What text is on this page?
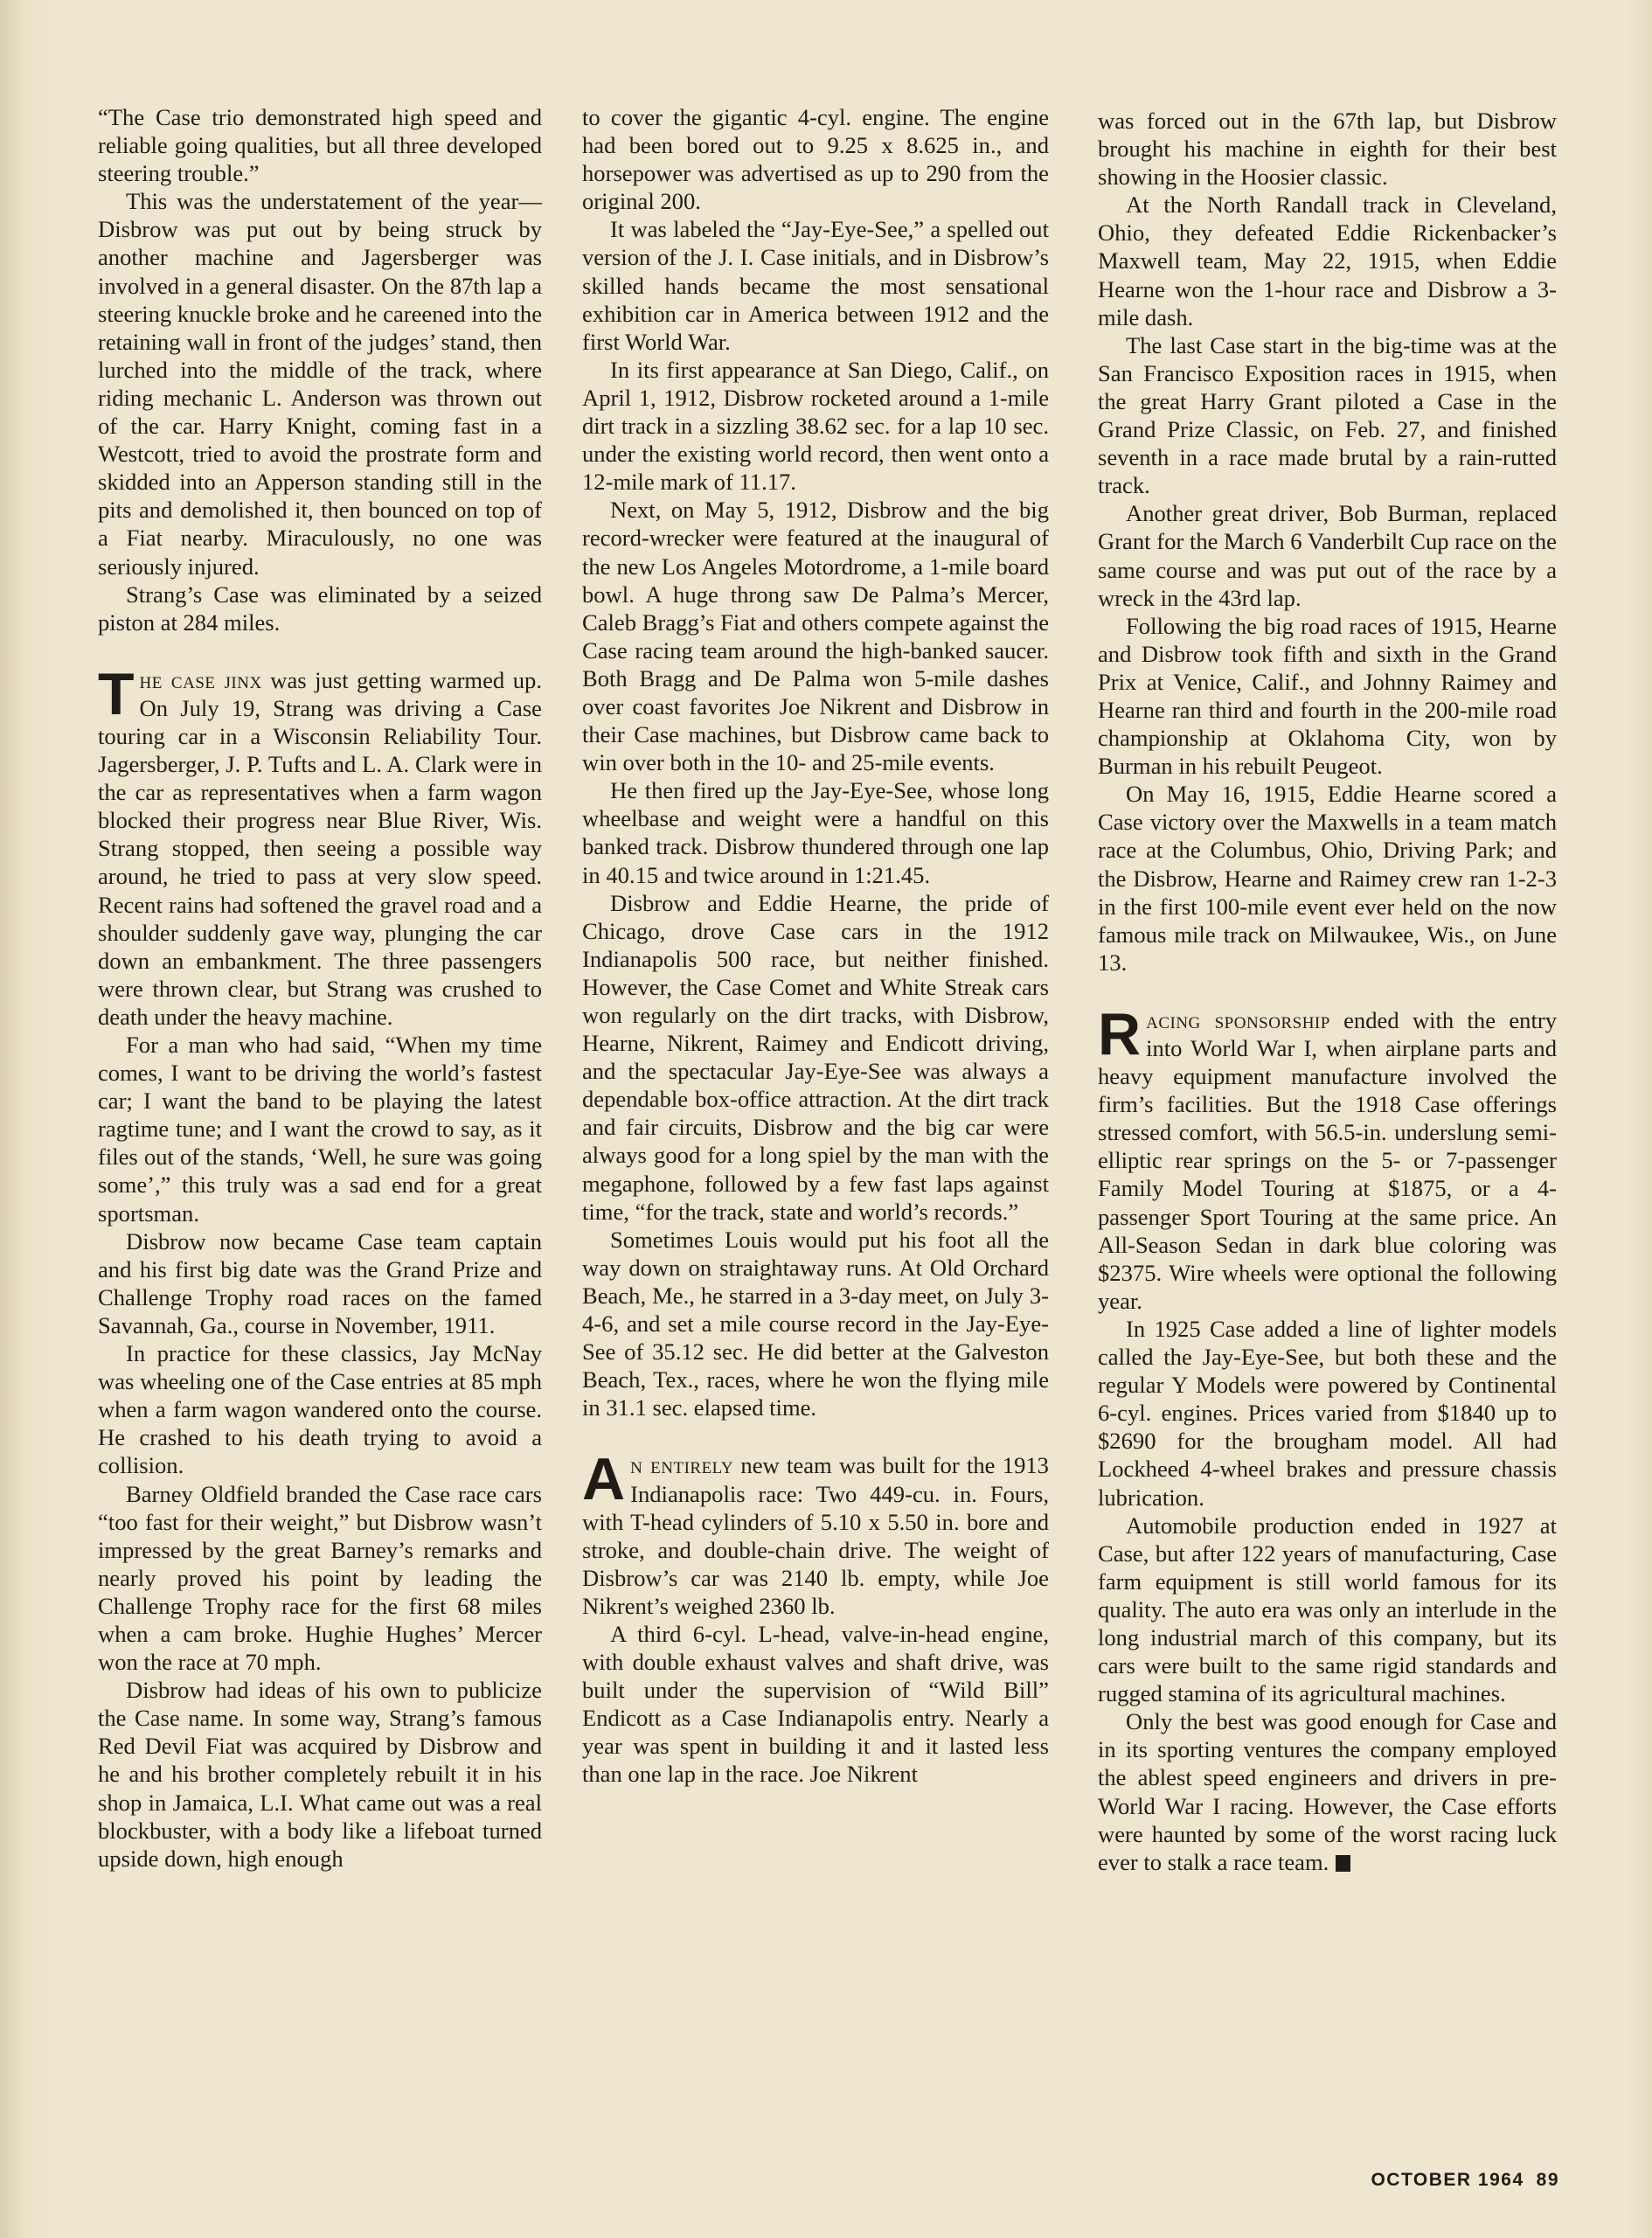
“The Case trio demonstrated high speed and reliable going qualities, but all three developed steering trouble.”

This was the understatement of the year—Disbrow was put out by being struck by another machine and Jagersberger was involved in a general disaster. On the 87th lap a steering knuckle broke and he careened into the retaining wall in front of the judges’ stand, then lurched into the middle of the track, where riding mechanic L. Anderson was thrown out of the car. Harry Knight, coming fast in a Westcott, tried to avoid the prostrate form and skidded into an Apperson standing still in the pits and demolished it, then bounced on top of a Fiat nearby. Miraculously, no one was seriously injured.

Strang’s Case was eliminated by a seized piston at 284 miles.

The case jinx was just getting warmed up. On July 19, Strang was driving a Case touring car in a Wisconsin Reliability Tour. Jagersberger, J. P. Tufts and L. A. Clark were in the car as representatives when a farm wagon blocked their progress near Blue River, Wis. Strang stopped, then seeing a possible way around, he tried to pass at very slow speed. Recent rains had softened the gravel road and a shoulder suddenly gave way, plunging the car down an embankment. The three passengers were thrown clear, but Strang was crushed to death under the heavy machine.

For a man who had said, “When my time comes, I want to be driving the world’s fastest car; I want the band to be playing the latest ragtime tune; and I want the crowd to say, as it files out of the stands, ‘Well, he sure was going some’,” this truly was a sad end for a great sportsman.

Disbrow now became Case team captain and his first big date was the Grand Prize and Challenge Trophy road races on the famed Savannah, Ga., course in November, 1911.

In practice for these classics, Jay McNay was wheeling one of the Case entries at 85 mph when a farm wagon wandered onto the course. He crashed to his death trying to avoid a collision.

Barney Oldfield branded the Case race cars “too fast for their weight,” but Disbrow wasn’t impressed by the great Barney’s remarks and nearly proved his point by leading the Challenge Trophy race for the first 68 miles when a cam broke. Hughie Hughes’ Mercer won the race at 70 mph.

Disbrow had ideas of his own to publicize the Case name. In some way, Strang’s famous Red Devil Fiat was acquired by Disbrow and he and his brother completely rebuilt it in his shop in Jamaica, L.I. What came out was a real blockbuster, with a body like a lifeboat turned upside down, high enough

to cover the gigantic 4-cyl. engine. The engine had been bored out to 9.25 x 8.625 in., and horsepower was advertised as up to 290 from the original 200.

It was labeled the “Jay-Eye-See,” a spelled out version of the J. I. Case initials, and in Disbrow’s skilled hands became the most sensational exhibition car in America between 1912 and the first World War.

In its first appearance at San Diego, Calif., on April 1, 1912, Disbrow rocketed around a 1-mile dirt track in a sizzling 38.62 sec. for a lap 10 sec. under the existing world record, then went onto a 12-mile mark of 11.17.

Next, on May 5, 1912, Disbrow and the big record-wrecker were featured at the inaugural of the new Los Angeles Motordrome, a 1-mile board bowl. A huge throng saw De Palma’s Mercer, Caleb Bragg’s Fiat and others compete against the Case racing team around the high-banked saucer. Both Bragg and De Palma won 5-mile dashes over coast favorites Joe Nikrent and Disbrow in their Case machines, but Disbrow came back to win over both in the 10- and 25-mile events.

He then fired up the Jay-Eye-See, whose long wheelbase and weight were a handful on this banked track. Disbrow thundered through one lap in 40.15 and twice around in 1:21.45.

Disbrow and Eddie Hearne, the pride of Chicago, drove Case cars in the 1912 Indianapolis 500 race, but neither finished. However, the Case Comet and White Streak cars won regularly on the dirt tracks, with Disbrow, Hearne, Nikrent, Raimey and Endicott driving, and the spectacular Jay-Eye-See was always a dependable box-office attraction. At the dirt track and fair circuits, Disbrow and the big car were always good for a long spiel by the man with the megaphone, followed by a few fast laps against time, “for the track, state and world’s records.”

Sometimes Louis would put his foot all the way down on straightaway runs. At Old Orchard Beach, Me., he starred in a 3-day meet, on July 3-4-6, and set a mile course record in the Jay-Eye-See of 35.12 sec. He did better at the Galveston Beach, Tex., races, where he won the flying mile in 31.1 sec. elapsed time.

An entirely new team was built for the 1913 Indianapolis race: Two 449-cu. in. Fours, with T-head cylinders of 5.10 x 5.50 in. bore and stroke, and double-chain drive. The weight of Disbrow’s car was 2140 lb. empty, while Joe Nikrent’s weighed 2360 lb.

A third 6-cyl. L-head, valve-in-head engine, with double exhaust valves and shaft drive, was built under the supervision of “Wild Bill” Endicott as a Case Indianapolis entry. Nearly a year was spent in building it and it lasted less than one lap in the race. Joe Nikrent

was forced out in the 67th lap, but Disbrow brought his machine in eighth for their best showing in the Hoosier classic.

At the North Randall track in Cleveland, Ohio, they defeated Eddie Rickenbacker’s Maxwell team, May 22, 1915, when Eddie Hearne won the 1-hour race and Disbrow a 3-mile dash.

The last Case start in the big-time was at the San Francisco Exposition races in 1915, when the great Harry Grant piloted a Case in the Grand Prize Classic, on Feb. 27, and finished seventh in a race made brutal by a rain-rutted track.

Another great driver, Bob Burman, replaced Grant for the March 6 Vanderbilt Cup race on the same course and was put out of the race by a wreck in the 43rd lap.

Following the big road races of 1915, Hearne and Disbrow took fifth and sixth in the Grand Prix at Venice, Calif., and Johnny Raimey and Hearne ran third and fourth in the 200-mile road championship at Oklahoma City, won by Burman in his rebuilt Peugeot.

On May 16, 1915, Eddie Hearne scored a Case victory over the Maxwells in a team match race at the Columbus, Ohio, Driving Park; and the Disbrow, Hearne and Raimey crew ran 1-2-3 in the first 100-mile event ever held on the now famous mile track on Milwaukee, Wis., on June 13.

Racing sponsorship ended with the entry into World War I, when airplane parts and heavy equipment manufacture involved the firm’s facilities. But the 1918 Case offerings stressed comfort, with 56.5-in. underslung semi-elliptic rear springs on the 5- or 7-passenger Family Model Touring at $1875, or a 4-passenger Sport Touring at the same price. An All-Season Sedan in dark blue coloring was $2375. Wire wheels were optional the following year.

In 1925 Case added a line of lighter models called the Jay-Eye-See, but both these and the regular Y Models were powered by Continental 6-cyl. engines. Prices varied from $1840 up to $2690 for the brougham model. All had Lockheed 4-wheel brakes and pressure chassis lubrication.

Automobile production ended in 1927 at Case, but after 122 years of manufacturing, Case farm equipment is still world famous for its quality. The auto era was only an interlude in the long industrial march of this company, but its cars were built to the same rigid standards and rugged stamina of its agricultural machines.

Only the best was good enough for Case and in its sporting ventures the company employed the ablest speed engineers and drivers in pre-World War I racing. However, the Case efforts were haunted by some of the worst racing luck ever to stalk a race team.

OCTOBER 1964 89
